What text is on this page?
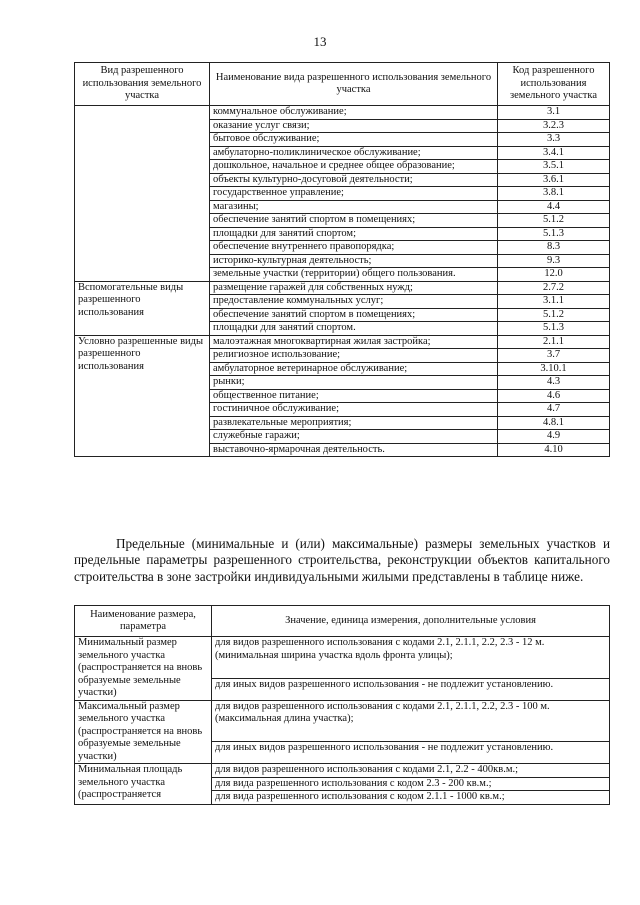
13
Вид разрешенного использования земельного участка	Наименование вида разрешенного использования земельного участка	Код разрешенного использования земельного участка
	коммунальное обслуживание;	3.1
	оказание услуг связи;	3.2.3
	бытовое обслуживание;	3.3
	амбулаторно-поликлиническое обслуживание;	3.4.1
	дошкольное, начальное и среднее общее образование;	3.5.1
	объекты культурно-досуговой деятельности;	3.6.1
	государственное управление;	3.8.1
	магазины;	4.4
	обеспечение занятий спортом в помещениях;	5.1.2
	площадки для занятий спортом;	5.1.3
	обеспечение внутреннего правопорядка;	8.3
	историко-культурная деятельность;	9.3
	земельные участки (территории) общего пользования.	12.0
Вспомогательные виды разрешенного использования	размещение гаражей для собственных нужд;	2.7.2
	предоставление коммунальных услуг;	3.1.1
	обеспечение занятий спортом в помещениях;	5.1.2
	площадки для занятий спортом.	5.1.3
Условно разрешенные виды разрешенного использования	малоэтажная многоквартирная жилая застройка;	2.1.1
	религиозное использование;	3.7
	амбулаторное ветеринарное обслуживание;	3.10.1
	рынки;	4.3
	общественное питание;	4.6
	гостиничное обслуживание;	4.7
	развлекательные мероприятия;	4.8.1
	служебные гаражи;	4.9
	выставочно-ярмарочная деятельность.	4.10
Предельные (минимальные и (или) максимальные) размеры земельных участков и предельные параметры разрешенного строительства, реконструкции объектов капитального строительства в зоне застройки индивидуальными жилыми представлены в таблице ниже.
Наименование размера, параметра	Значение, единица измерения, дополнительные условия
Минимальный размер земельного участка (распространяется на вновь образуемые земельные участки)	для видов разрешенного использования с кодами 2.1, 2.1.1, 2.2, 2.3 - 12 м. (минимальная ширина участка вдоль фронта улицы);
	для иных видов разрешенного использования - не подлежит установлению.
Максимальный размер земельного участка (распространяется на вновь образуемые земельные участки)	для видов разрешенного использования с кодами 2.1, 2.1.1, 2.2, 2.3 - 100 м. (максимальная длина участка);
	для иных видов разрешенного использования - не подлежит установлению.
Минимальная площадь земельного участка (распространяется	для видов разрешенного использования с кодами 2.1, 2.2 - 400кв.м.;
	для вида разрешенного использования с кодом 2.3 - 200 кв.м.;
	для вида разрешенного использования с кодом 2.1.1 - 1000 кв.м.;
